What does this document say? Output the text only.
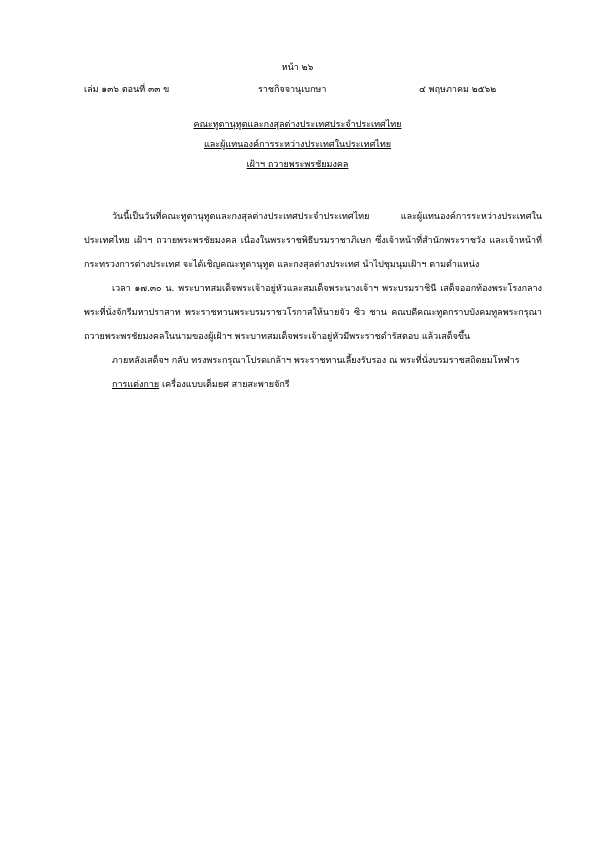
หน้า ๒๖
เล่ม ๑๓๖ ตอนที่ ๓๓ ข	ราชกิจจานุเบกษา	๔ พฤษภาคม ๒๕๖๒
คณะทูตานุทูตและกงสุลต่างประเทศประจำประเทศไทย
และผู้แทนองค์การระหว่างประเทศในประเทศไทย
เฝ้าฯ ถวายพระพรชัยมงคล

วันนี้เป็นวันที่คณะทูตานุทูตและกงสุลต่างประเทศประจำประเทศไทย และผู้แทนองค์การระหว่างประเทศในประเทศไทย เฝ้าฯ ถวายพระพรชัยมงคล เนื่องในพระราชพิธีบรมราชาภิเษก ซึ่งเจ้าหน้าที่สำนักพระราชวัง และเจ้าหน้าที่กระทรวงการต่างประเทศ จะได้เชิญคณะทูตานุทูต และกงสุลต่างประเทศ นำไปชุมนุมเฝ้าฯ ตามตำแหน่ง

เวลา ๑๗.๓๐ น. พระบาทสมเด็จพระเจ้าอยู่หัวและสมเด็จพระนางเจ้าฯ พระบรมราชินี เสด็จออกท้องพระโรงกลางพระที่นั่งจักรีมหาปราสาท พระราชทานพระบรมราชวโรกาสให้นายจัว ซิว ชาน คณบดีคณะทูตกราบบังคมทูลพระกรุณาถวายพระพรชัยมงคลในนามของผู้เฝ้าฯ พระบาทสมเด็จพระเจ้าอยู่หัวมีพระราชดำรัสตอบ แล้วเสด็จขึ้น

ภายหลังเสด็จฯ กลับ ทรงพระกรุณาโปรดเกล้าฯ พระราชทานเลี้ยงรับรอง ณ พระที่นั่งบรมราชสถิตยมโหฬาร

การแต่งกาย เครื่องแบบเต็มยศ สายสะพายจักรี
